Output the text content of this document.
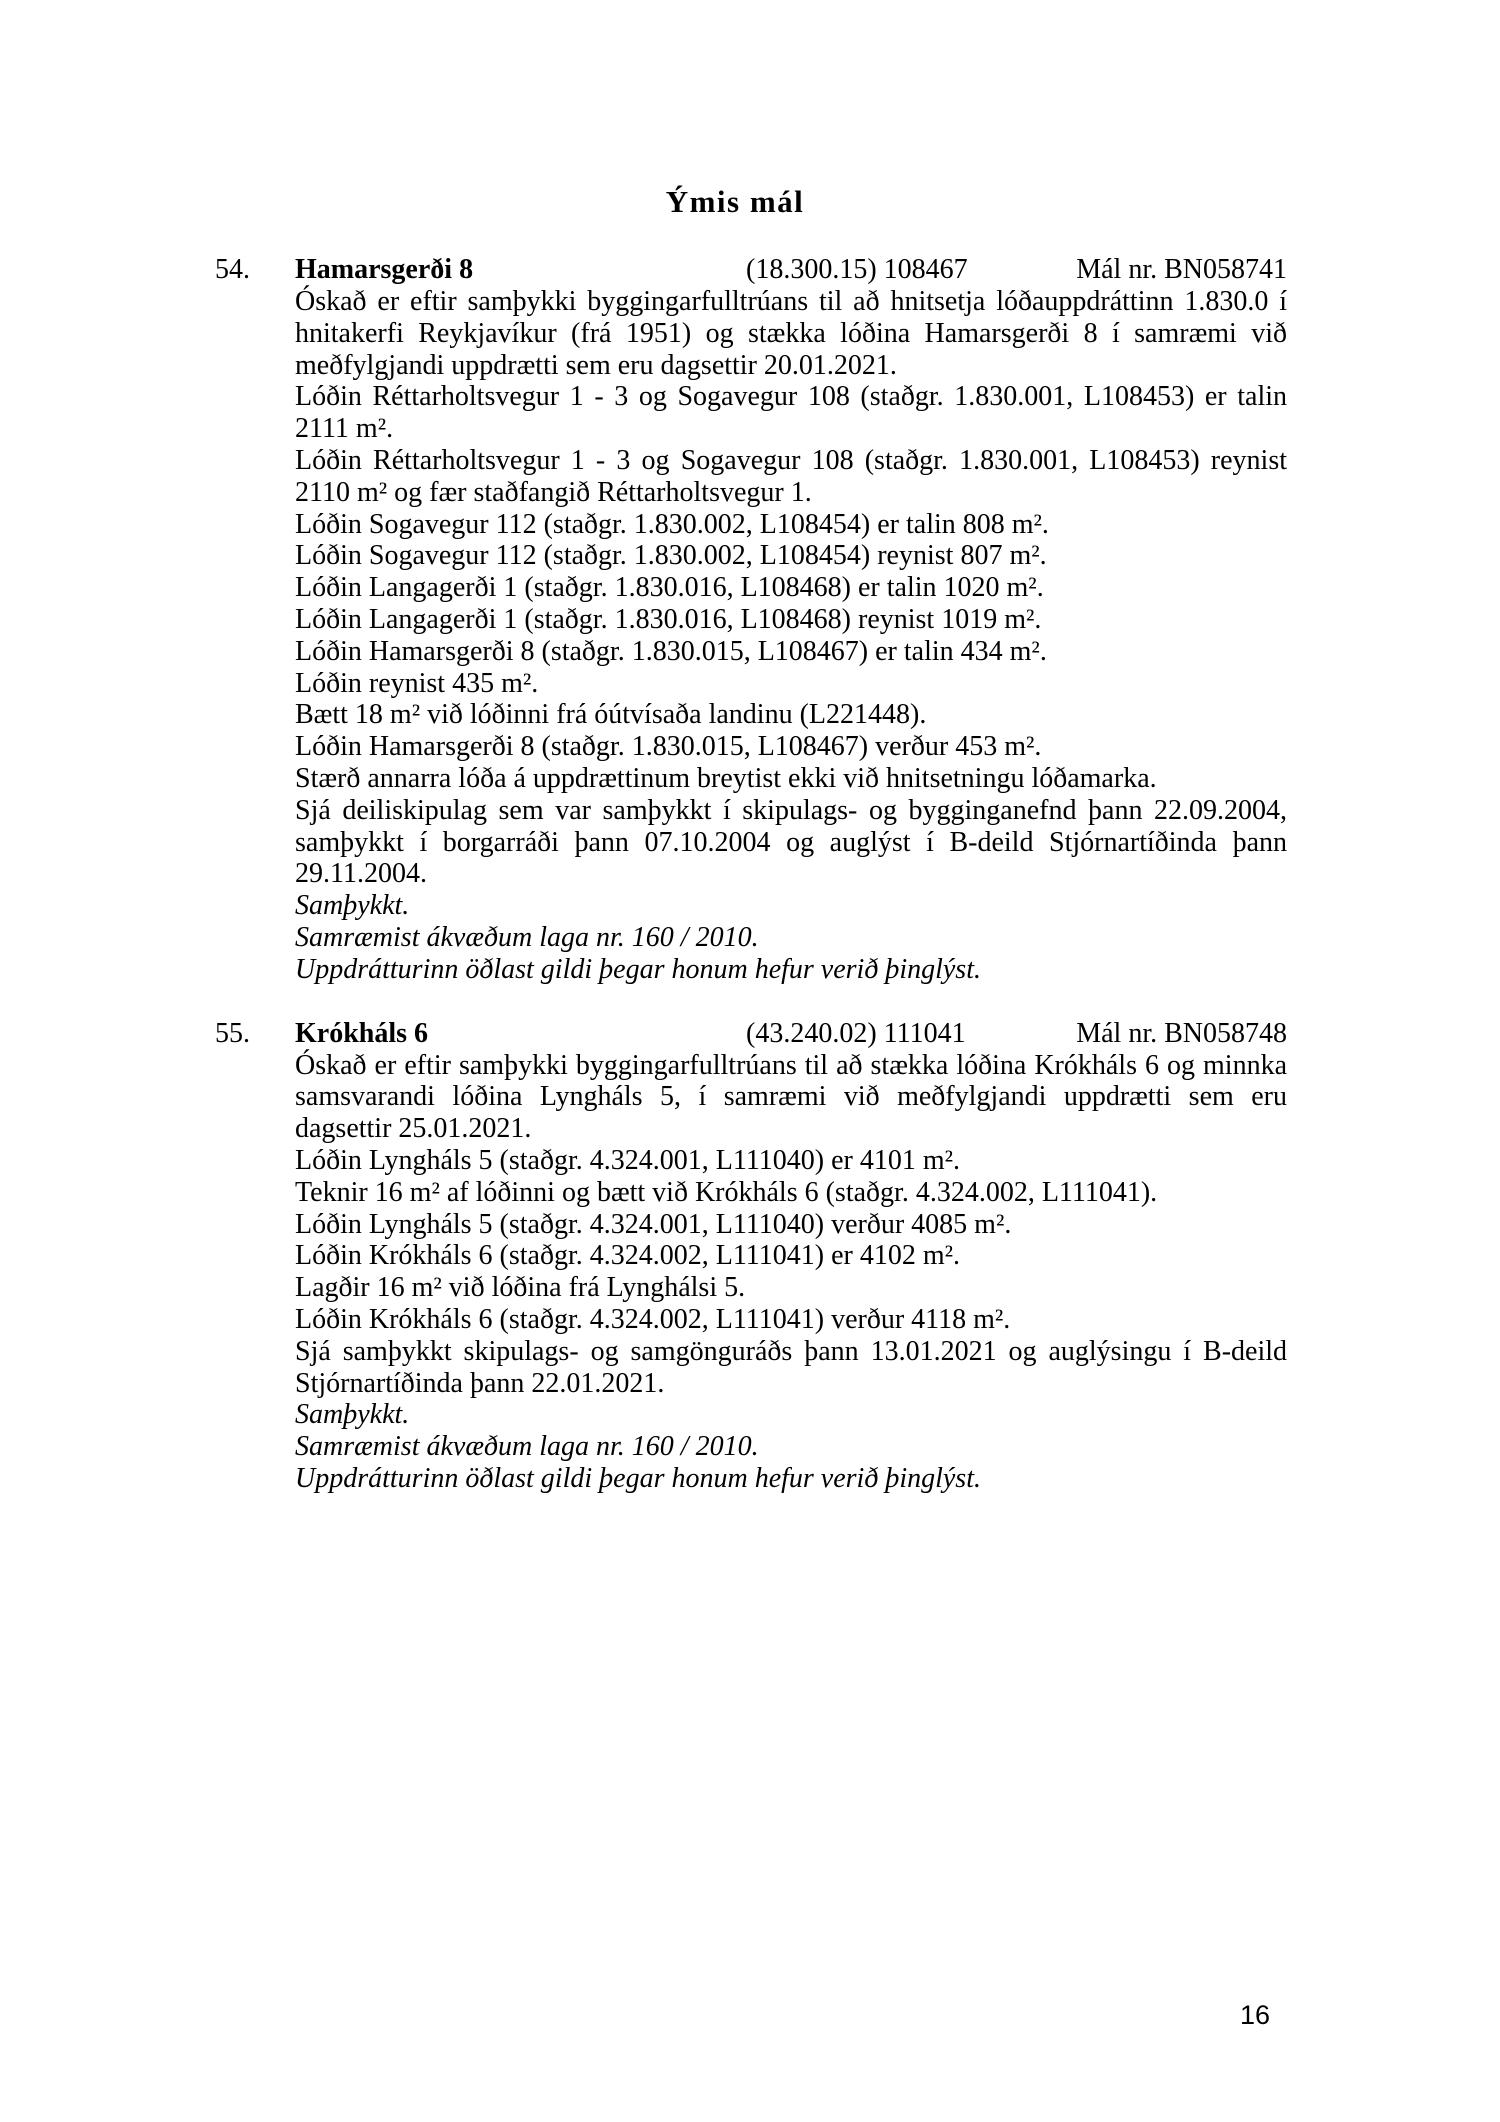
Ýmis mál
54. Hamarsgerði 8	(18.300.15) 108467	Mál nr. BN058741
Óskað er eftir samþykki byggingarfulltrúans til að hnitsetja lóðauppdráttinn 1.830.0 í
hnitakerfi Reykjavíkur (frá 1951) og stækka lóðina Hamarsgerði 8 í samræmi við
meðfylgjandi uppdrætti sem eru dagsettir 20.01.2021.
Lóðin Réttarholtsvegur 1 - 3 og Sogavegur 108 (staðgr. 1.830.001, L108453) er talin
2111 m².
Lóðin Réttarholtsvegur 1 - 3 og Sogavegur 108 (staðgr. 1.830.001, L108453) reynist
2110 m² og fær staðfangið Réttarholtsvegur 1.
Lóðin Sogavegur 112 (staðgr. 1.830.002, L108454) er talin 808 m².
Lóðin Sogavegur 112 (staðgr. 1.830.002, L108454) reynist 807 m².
Lóðin Langagerði 1 (staðgr. 1.830.016, L108468) er talin 1020 m².
Lóðin Langagerði 1 (staðgr. 1.830.016, L108468) reynist 1019 m².
Lóðin Hamarsgerði 8 (staðgr. 1.830.015, L108467) er talin 434 m².
Lóðin reynist 435 m².
Bætt 18 m² við lóðinni frá óútvísaða landinu (L221448).
Lóðin Hamarsgerði 8 (staðgr. 1.830.015, L108467) verður 453 m².
Stærð annarra lóða á uppdrættinum breytist ekki við hnitsetningu lóðamarka.
Sjá deiliskipulag sem var samþykkt í skipulags- og bygginganefnd þann 22.09.2004,
samþykkt í borgarráði þann 07.10.2004 og auglýst í B-deild Stjórnartíðinda þann
29.11.2004.
Samþykkt.
Samræmist ákvæðum laga nr. 160 / 2010.
Uppdrátturinn öðlast gildi þegar honum hefur verið þinglýst.
55. Krókháls 6	(43.240.02) 111041	Mál nr. BN058748
Óskað er eftir samþykki byggingarfulltrúans til að stækka lóðina Krókháls 6 og minnka
samsvarandi lóðina Lyngháls 5, í samræmi við meðfylgjandi uppdrætti sem eru
dagsettir 25.01.2021.
Lóðin Lyngháls 5 (staðgr. 4.324.001, L111040) er 4101 m².
Teknir 16 m² af lóðinni og bætt við Krókháls 6 (staðgr. 4.324.002, L111041).
Lóðin Lyngháls 5 (staðgr. 4.324.001, L111040) verður 4085 m².
Lóðin Krókháls 6 (staðgr. 4.324.002, L111041) er 4102 m².
Lagðir 16 m² við lóðina frá Lynghálsi 5.
Lóðin Krókháls 6 (staðgr. 4.324.002, L111041) verður 4118 m².
Sjá samþykkt skipulags- og samgönguráðs þann 13.01.2021 og auglýsingu í B-deild
Stjórnartíðinda þann 22.01.2021.
Samþykkt.
Samræmist ákvæðum laga nr. 160 / 2010.
Uppdrátturinn öðlast gildi þegar honum hefur verið þinglýst.
16
